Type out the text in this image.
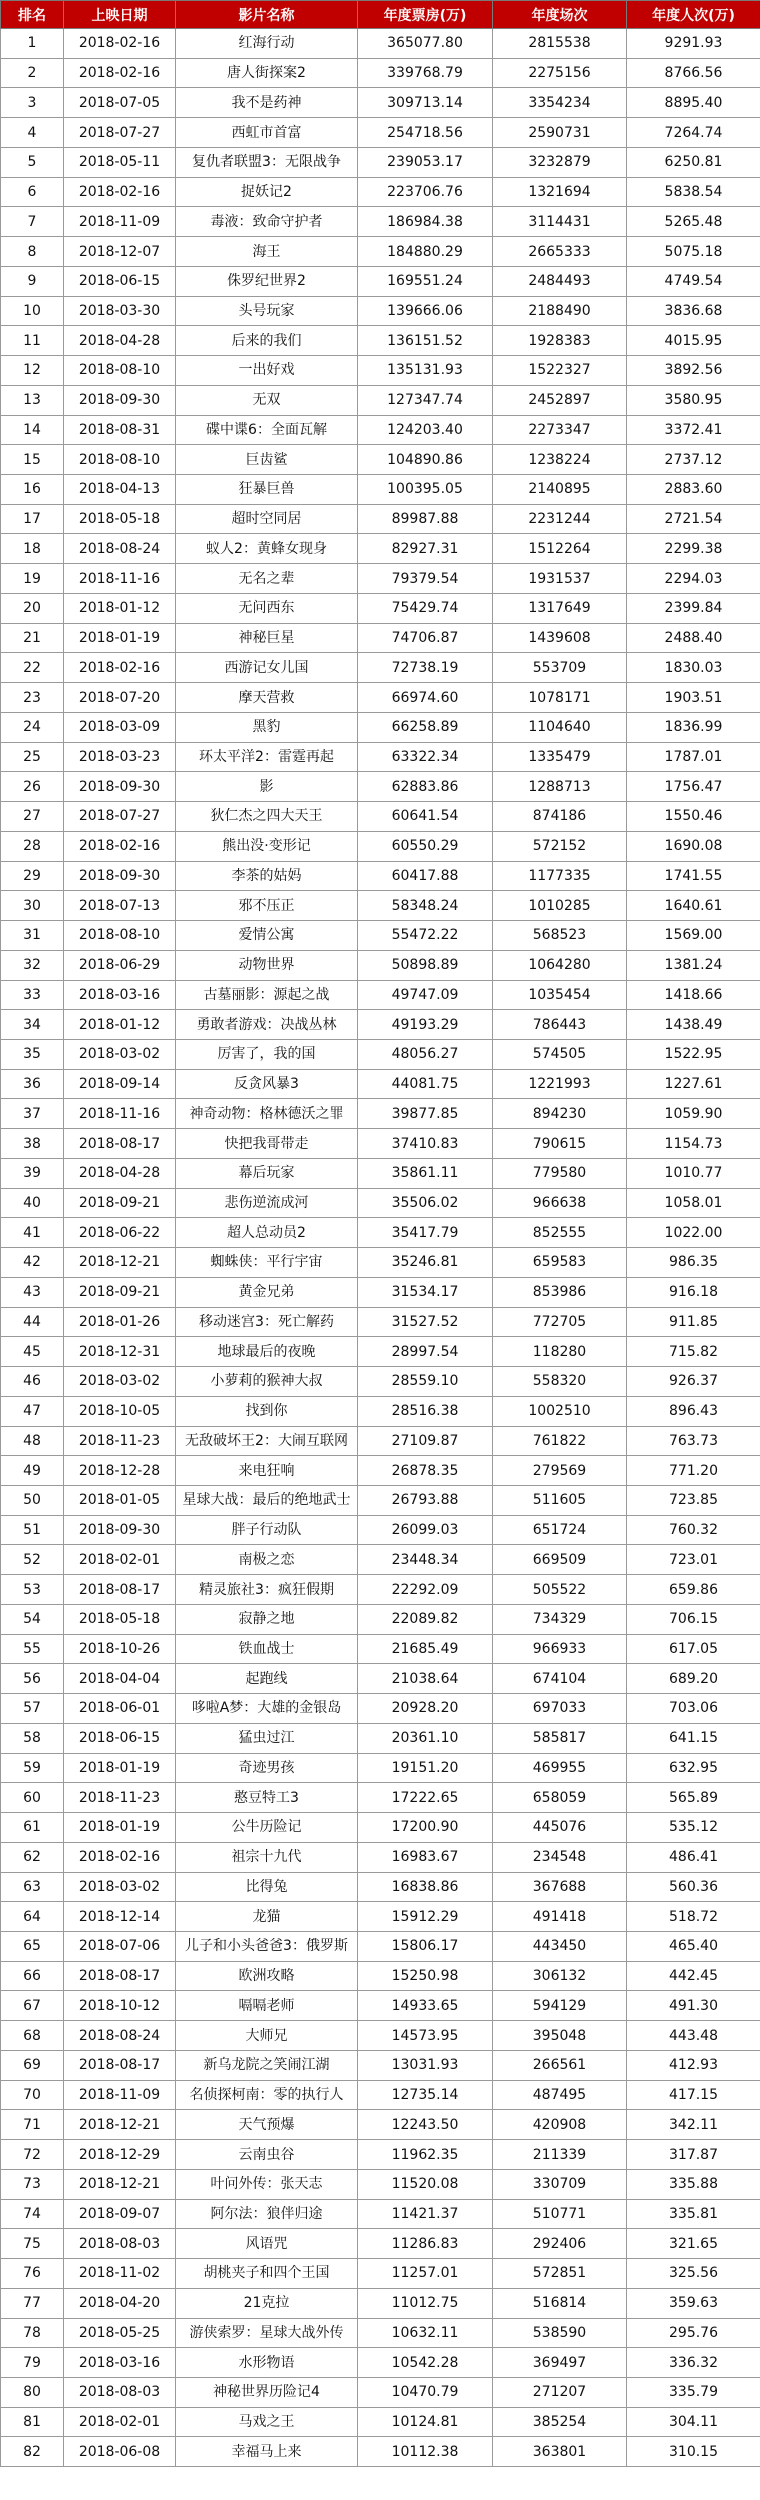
排名	上映日期	影片名称	年度票房(万)	年度场次	年度人次(万)
1	2018-02-16	红海行动	365077.80	2815538	9291.93
2	2018-02-16	唐人街探案2	339768.79	2275156	8766.56
3	2018-07-05	我不是药神	309713.14	3354234	8895.40
4	2018-07-27	西虹市首富	254718.56	2590731	7264.74
5	2018-05-11	复仇者联盟3：无限战争	239053.17	3232879	6250.81
6	2018-02-16	捉妖记2	223706.76	1321694	5838.54
7	2018-11-09	毒液：致命守护者	186984.38	3114431	5265.48
8	2018-12-07	海王	184880.29	2665333	5075.18
9	2018-06-15	侏罗纪世界2	169551.24	2484493	4749.54
10	2018-03-30	头号玩家	139666.06	2188490	3836.68
11	2018-04-28	后来的我们	136151.52	1928383	4015.95
12	2018-08-10	一出好戏	135131.93	1522327	3892.56
13	2018-09-30	无双	127347.74	2452897	3580.95
14	2018-08-31	碟中谍6：全面瓦解	124203.40	2273347	3372.41
15	2018-08-10	巨齿鲨	104890.86	1238224	2737.12
16	2018-04-13	狂暴巨兽	100395.05	2140895	2883.60
17	2018-05-18	超时空同居	89987.88	2231244	2721.54
18	2018-08-24	蚁人2：黄蜂女现身	82927.31	1512264	2299.38
19	2018-11-16	无名之辈	79379.54	1931537	2294.03
20	2018-01-12	无问西东	75429.74	1317649	2399.84
21	2018-01-19	神秘巨星	74706.87	1439608	2488.40
22	2018-02-16	西游记女儿国	72738.19	553709	1830.03
23	2018-07-20	摩天营救	66974.60	1078171	1903.51
24	2018-03-09	黑豹	66258.89	1104640	1836.99
25	2018-03-23	环太平洋2：雷霆再起	63322.34	1335479	1787.01
26	2018-09-30	影	62883.86	1288713	1756.47
27	2018-07-27	狄仁杰之四大天王	60641.54	874186	1550.46
28	2018-02-16	熊出没·变形记	60550.29	572152	1690.08
29	2018-09-30	李茶的姑妈	60417.88	1177335	1741.55
30	2018-07-13	邪不压正	58348.24	1010285	1640.61
31	2018-08-10	爱情公寓	55472.22	568523	1569.00
32	2018-06-29	动物世界	50898.89	1064280	1381.24
33	2018-03-16	古墓丽影：源起之战	49747.09	1035454	1418.66
34	2018-01-12	勇敢者游戏：决战丛林	49193.29	786443	1438.49
35	2018-03-02	厉害了，我的国	48056.27	574505	1522.95
36	2018-09-14	反贪风暴3	44081.75	1221993	1227.61
37	2018-11-16	神奇动物：格林德沃之罪	39877.85	894230	1059.90
38	2018-08-17	快把我哥带走	37410.83	790615	1154.73
39	2018-04-28	幕后玩家	35861.11	779580	1010.77
40	2018-09-21	悲伤逆流成河	35506.02	966638	1058.01
41	2018-06-22	超人总动员2	35417.79	852555	1022.00
42	2018-12-21	蜘蛛侠：平行宇宙	35246.81	659583	986.35
43	2018-09-21	黄金兄弟	31534.17	853986	916.18
44	2018-01-26	移动迷宫3：死亡解药	31527.52	772705	911.85
45	2018-12-31	地球最后的夜晚	28997.54	118280	715.82
46	2018-03-02	小萝莉的猴神大叔	28559.10	558320	926.37
47	2018-10-05	找到你	28516.38	1002510	896.43
48	2018-11-23	无敌破坏王2：大闹互联网	27109.87	761822	763.73
49	2018-12-28	来电狂响	26878.35	279569	771.20
50	2018-01-05	星球大战：最后的绝地武士	26793.88	511605	723.85
51	2018-09-30	胖子行动队	26099.03	651724	760.32
52	2018-02-01	南极之恋	23448.34	669509	723.01
53	2018-08-17	精灵旅社3：疯狂假期	22292.09	505522	659.86
54	2018-05-18	寂静之地	22089.82	734329	706.15
55	2018-10-26	铁血战士	21685.49	966933	617.05
56	2018-04-04	起跑线	21038.64	674104	689.20
57	2018-06-01	哆啦A梦：大雄的金银岛	20928.20	697033	703.06
58	2018-06-15	猛虫过江	20361.10	585817	641.15
59	2018-01-19	奇迹男孩	19151.20	469955	632.95
60	2018-11-23	憨豆特工3	17222.65	658059	565.89
61	2018-01-19	公牛历险记	17200.90	445076	535.12
62	2018-02-16	祖宗十九代	16983.67	234548	486.41
63	2018-03-02	比得兔	16838.86	367688	560.36
64	2018-12-14	龙猫	15912.29	491418	518.72
65	2018-07-06	儿子和小头爸爸3：俄罗斯	15806.17	443450	465.40
66	2018-08-17	欧洲攻略	15250.98	306132	442.45
67	2018-10-12	嗝嗝老师	14933.65	594129	491.30
68	2018-08-24	大师兄	14573.95	395048	443.48
69	2018-08-17	新乌龙院之笑闹江湖	13031.93	266561	412.93
70	2018-11-09	名侦探柯南：零的执行人	12735.14	487495	417.15
71	2018-12-21	天气预爆	12243.50	420908	342.11
72	2018-12-29	云南虫谷	11962.35	211339	317.87
73	2018-12-21	叶问外传：张天志	11520.08	330709	335.88
74	2018-09-07	阿尔法：狼伴归途	11421.37	510771	335.81
75	2018-08-03	风语咒	11286.83	292406	321.65
76	2018-11-02	胡桃夹子和四个王国	11257.01	572851	325.56
77	2018-04-20	21克拉	11012.75	516814	359.63
78	2018-05-25	游侠索罗：星球大战外传	10632.11	538590	295.76
79	2018-03-16	水形物语	10542.28	369497	336.32
80	2018-08-03	神秘世界历险记4	10470.79	271207	335.79
81	2018-02-01	马戏之王	10124.81	385254	304.11
82	2018-06-08	幸福马上来	10112.38	363801	310.15
